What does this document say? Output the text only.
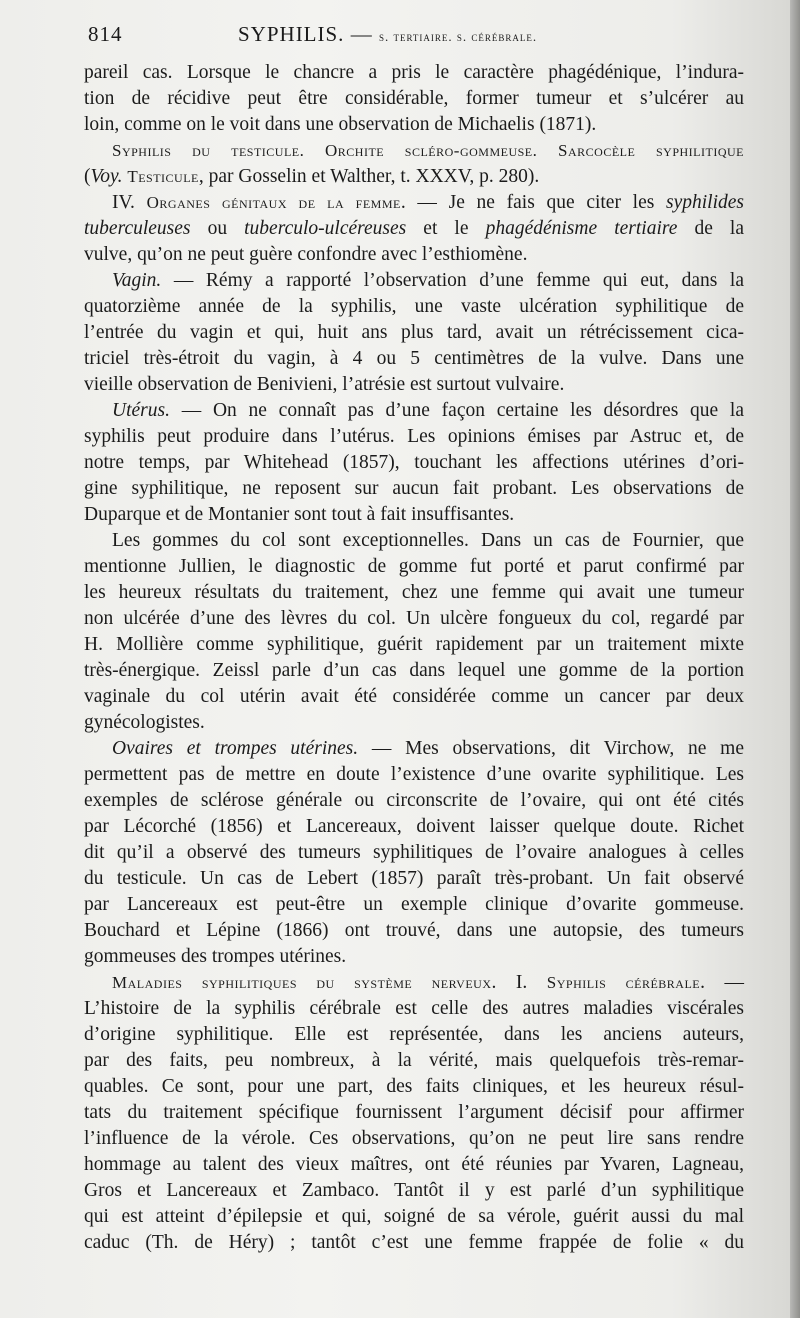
814	SYPHILIS. — s. tertiaire. s. cérébrale.
pareil cas. Lorsque le chancre a pris le caractère phagédénique, l’indura-
tion de récidive peut être considérable, former tumeur et s’ulcérer au
loin, comme on le voit dans une observation de Michaelis (1871).
Syphilis du testicule. Orchite scléro-gommeuse. Sarcocèle syphilitique
(Voy. Testicule, par Gosselin et Walther, t. XXXV, p. 280).
IV. Organes génitaux de la femme. — Je ne fais que citer les syphilides
tuberculeuses ou tuberculo-ulcéreuses et le phagédénisme tertiaire de la
vulve, qu’on ne peut guère confondre avec l’esthiomène.
Vagin. — Rémy a rapporté l’observation d’une femme qui eut, dans la
quatorzième année de la syphilis, une vaste ulcération syphilitique de
l’entrée du vagin et qui, huit ans plus tard, avait un rétrécissement cica-
triciel très-étroit du vagin, à 4 ou 5 centimètres de la vulve. Dans une
vieille observation de Benivieni, l’atrésie est surtout vulvaire.
Utérus. — On ne connaît pas d’une façon certaine les désordres que la
syphilis peut produire dans l’utérus. Les opinions émises par Astruc et, de
notre temps, par Whitehead (1857), touchant les affections utérines d’ori-
gine syphilitique, ne reposent sur aucun fait probant. Les observations de
Duparque et de Montanier sont tout à fait insuffisantes.
Les gommes du col sont exceptionnelles. Dans un cas de Fournier, que
mentionne Jullien, le diagnostic de gomme fut porté et parut confirmé par
les heureux résultats du traitement, chez une femme qui avait une tumeur
non ulcérée d’une des lèvres du col. Un ulcère fongueux du col, regardé par
H. Mollière comme syphilitique, guérit rapidement par un traitement mixte
très-énergique. Zeissl parle d’un cas dans lequel une gomme de la portion
vaginale du col utérin avait été considérée comme un cancer par deux
gynécologistes.
Ovaires et trompes utérines. — Mes observations, dit Virchow, ne me
permettent pas de mettre en doute l’existence d’une ovarite syphilitique. Les
exemples de sclérose générale ou circonscrite de l’ovaire, qui ont été cités
par Lécorché (1856) et Lancereaux, doivent laisser quelque doute. Richet
dit qu’il a observé des tumeurs syphilitiques de l’ovaire analogues à celles
du testicule. Un cas de Lebert (1857) paraît très-probant. Un fait observé
par Lancereaux est peut-être un exemple clinique d’ovarite gommeuse.
Bouchard et Lépine (1866) ont trouvé, dans une autopsie, des tumeurs
gommeuses des trompes utérines.
Maladies syphilitiques du système nerveux. I. Syphilis cérébrale. —
L’histoire de la syphilis cérébrale est celle des autres maladies viscérales
d’origine syphilitique. Elle est représentée, dans les anciens auteurs,
par des faits, peu nombreux, à la vérité, mais quelquefois très-remar-
quables. Ce sont, pour une part, des faits cliniques, et les heureux résul-
tats du traitement spécifique fournissent l’argument décisif pour affirmer
l’influence de la vérole. Ces observations, qu’on ne peut lire sans rendre
hommage au talent des vieux maîtres, ont été réunies par Yvaren, Lagneau,
Gros et Lancereaux et Zambaco. Tantôt il y est parlé d’un syphilitique
qui est atteint d’épilepsie et qui, soigné de sa vérole, guérit aussi du mal
caduc (Th. de Héry) ; tantôt c’est une femme frappée de folie « du
